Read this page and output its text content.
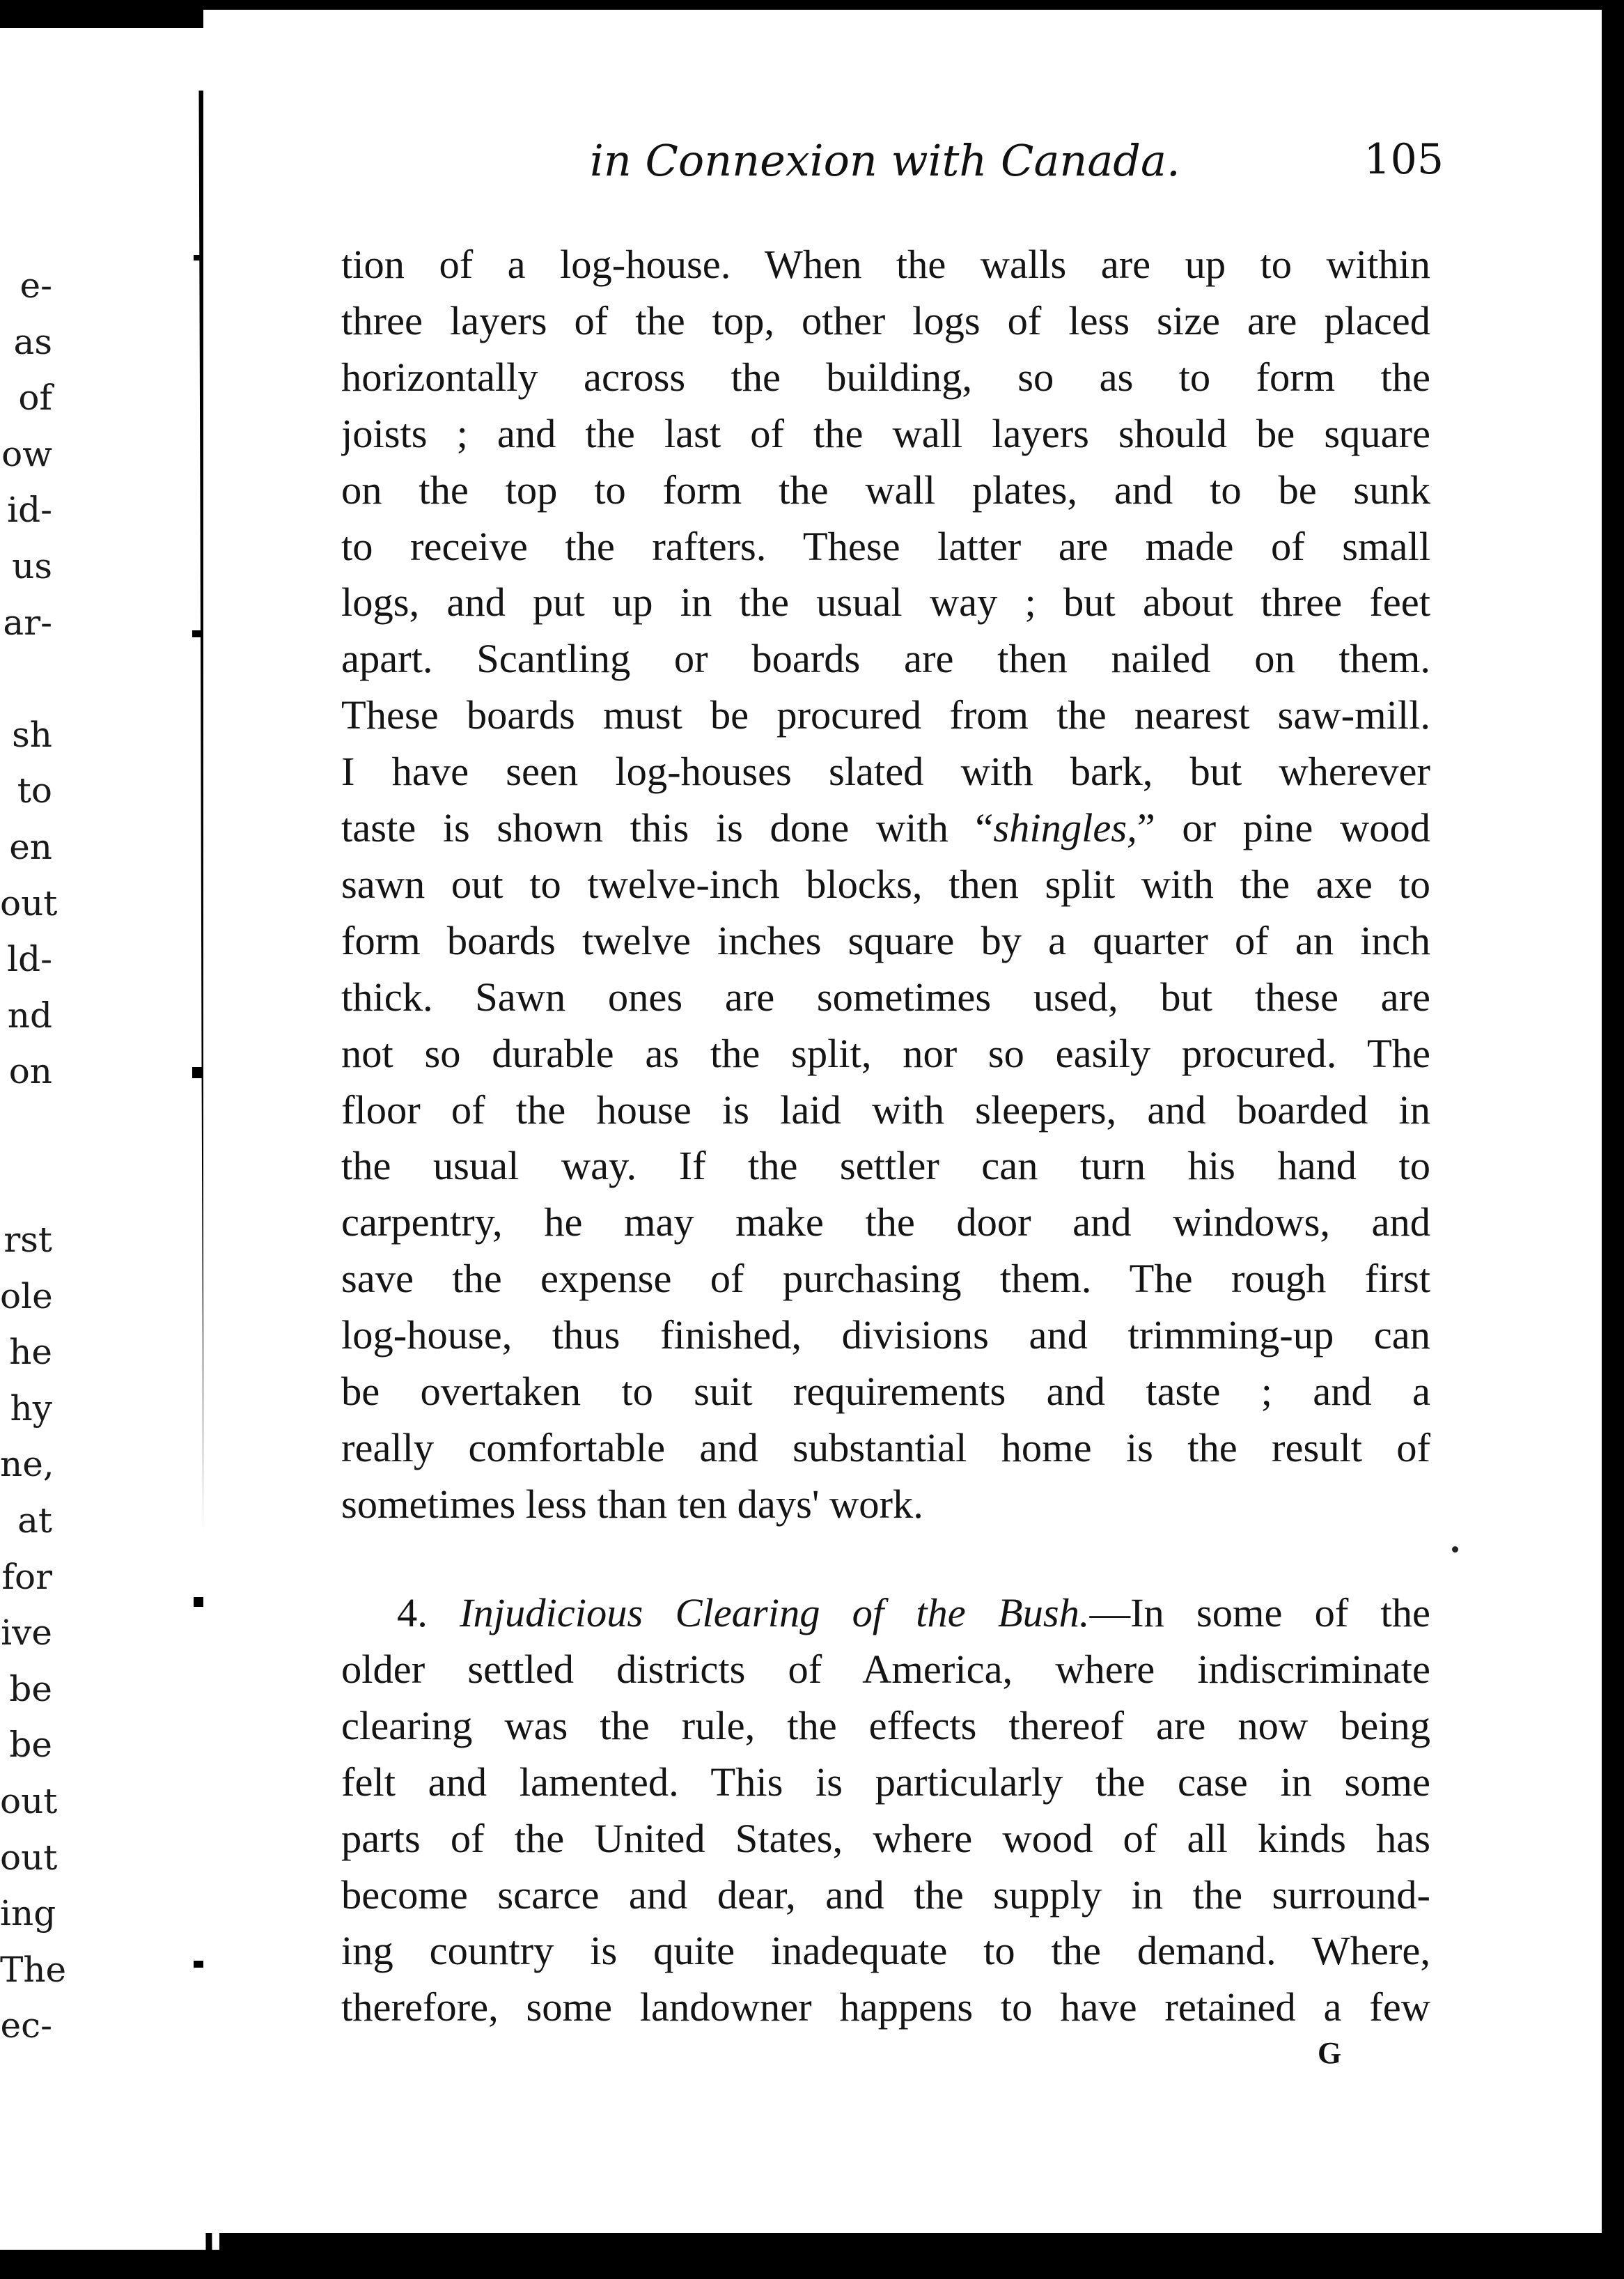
e-
as
of
ow
id-
us
ar-
sh
to
en
out
ld-
nd
on
rst
ole
he
hy
ne,
at
for
ive
be
be
out
out
ing
The
ec-
in Connexion with Canada.	105
tion of a log-house. When the walls are up to within
three layers of the top, other logs of less size are placed
horizontally across the building, so as to form the
joists ; and the last of the wall layers should be square
on the top to form the wall plates, and to be sunk
to receive the rafters. These latter are made of small
logs, and put up in the usual way ; but about three feet
apart. Scantling or boards are then nailed on them.
These boards must be procured from the nearest saw-mill.
I have seen log-houses slated with bark, but wherever
taste is shown this is done with “shingles,” or pine wood
sawn out to twelve-inch blocks, then split with the axe to
form boards twelve inches square by a quarter of an inch
thick. Sawn ones are sometimes used, but these are
not so durable as the split, nor so easily procured. The
floor of the house is laid with sleepers, and boarded in
the usual way. If the settler can turn his hand to
carpentry, he may make the door and windows, and
save the expense of purchasing them. The rough first
log-house, thus finished, divisions and trimming-up can
be overtaken to suit requirements and taste ; and a
really comfortable and substantial home is the result of
sometimes less than ten days' work.
4. Injudicious Clearing of the Bush.—In some of the
older settled districts of America, where indiscriminate
clearing was the rule, the effects thereof are now being
felt and lamented. This is particularly the case in some
parts of the United States, where wood of all kinds has
become scarce and dear, and the supply in the surround-
ing country is quite inadequate to the demand. Where,
therefore, some landowner happens to have retained a few
G
